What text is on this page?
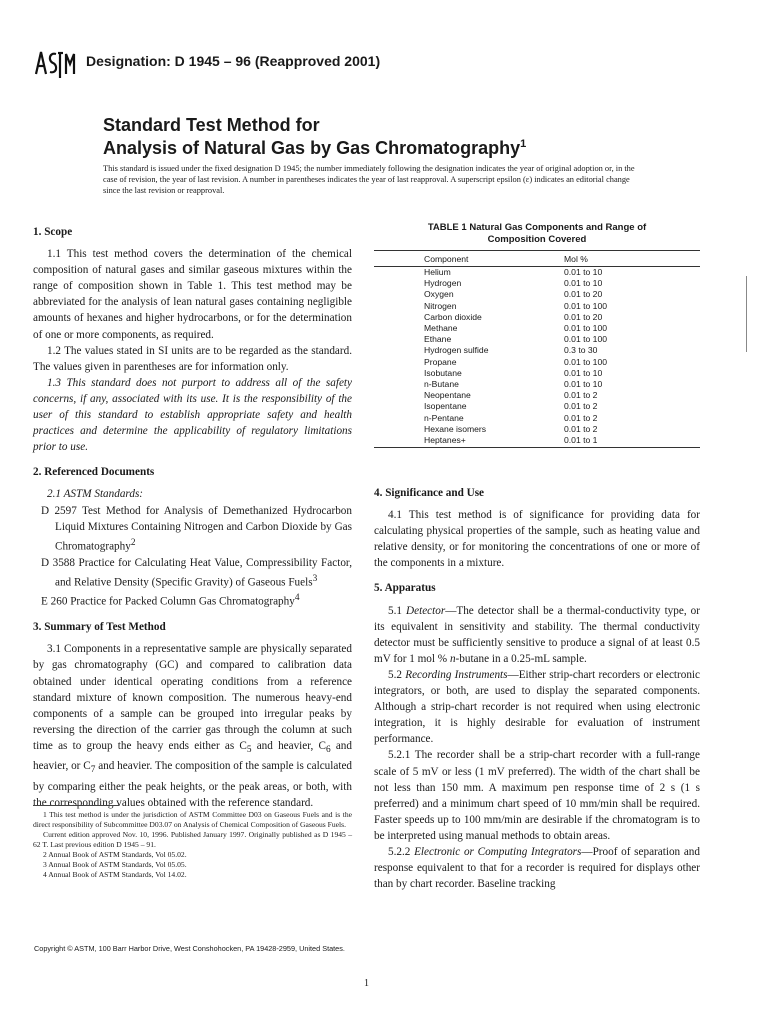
Designation: D 1945 – 96 (Reapproved 2001)
Standard Test Method for
Analysis of Natural Gas by Gas Chromatography$^1$
This standard is issued under the fixed designation D 1945; the number immediately following the designation indicates the year of original adoption or, in the case of revision, the year of last revision. A number in parentheses indicates the year of last reapproval. A superscript epsilon (ε) indicates an editorial change since the last revision or reapproval.
1. Scope

1.1 This test method covers the determination of the chemical composition of natural gases and similar gaseous mixtures within the range of composition shown in Table 1. This test method may be abbreviated for the analysis of lean natural gases containing negligible amounts of hexanes and higher hydrocarbons, or for the determination of one or more components, as required.

1.2 The values stated in SI units are to be regarded as the standard. The values given in parentheses are for information only.

1.3 This standard does not purport to address all of the safety concerns, if any, associated with its use. It is the responsibility of the user of this standard to establish appropriate safety and health practices and determine the applicability of regulatory limitations prior to use.

2. Referenced Documents

2.1 ASTM Standards:

D 2597 Test Method for Analysis of Demethanized Hydrocarbon Liquid Mixtures Containing Nitrogen and Carbon Dioxide by Gas Chromatography$^2$

D 3588 Practice for Calculating Heat Value, Compressibility Factor, and Relative Density (Specific Gravity) of Gaseous Fuels$^3$

E 260 Practice for Packed Column Gas Chromatography$^4$

3. Summary of Test Method

3.1 Components in a representative sample are physically separated by gas chromatography (GC) and compared to calibration data obtained under identical operating conditions from a reference standard mixture of known composition. The numerous heavy-end components of a sample can be grouped into irregular peaks by reversing the direction of the carrier gas through the column at such time as to group the heavy ends either as $C_5$ and heavier, $C_6$ and heavier, or $C_7$ and heavier. The composition of the sample is calculated by comparing either the peak heights, or the peak areas, or both, with the corresponding values obtained with the reference standard.

1 This test method is under the jurisdiction of ASTM Committee D03 on Gaseous Fuels and is the direct responsibility of Subcommittee D03.07 on Analysis of Chemical Composition of Gaseous Fuels.

Current edition approved Nov. 10, 1996. Published January 1997. Originally published as D 1945 – 62 T. Last previous edition D 1945 – 91.

2 Annual Book of ASTM Standards, Vol 05.02.

3 Annual Book of ASTM Standards, Vol 05.05.

4 Annual Book of ASTM Standards, Vol 14.02.

TABLE 1 Natural Gas Components and Range of
Composition Covered
Component	Mol %
Helium	0.01 to 10
Hydrogen	0.01 to 10
Oxygen	0.01 to 20
Nitrogen	0.01 to 100
Carbon dioxide	0.01 to 20
Methane	0.01 to 100
Ethane	0.01 to 100
Hydrogen sulfide	0.3 to 30
Propane	0.01 to 100
Isobutane	0.01 to 10
n-Butane	0.01 to 10
Neopentane	0.01 to 2
Isopentane	0.01 to 2
n-Pentane	0.01 to 2
Hexane isomers	0.01 to 2
Heptanes+	0.01 to 1
4. Significance and Use

4.1 This test method is of significance for providing data for calculating physical properties of the sample, such as heating value and relative density, or for monitoring the concentrations of one or more of the components in a mixture.

5. Apparatus

5.1 Detector—The detector shall be a thermal-conductivity type, or its equivalent in sensitivity and stability. The thermal conductivity detector must be sufficiently sensitive to produce a signal of at least 0.5 mV for 1 mol % n-butane in a 0.25-mL sample.

5.2 Recording Instruments—Either strip-chart recorders or electronic integrators, or both, are used to display the separated components. Although a strip-chart recorder is not required when using electronic integration, it is highly desirable for evaluation of instrument performance.

5.2.1 The recorder shall be a strip-chart recorder with a full-range scale of 5 mV or less (1 mV preferred). The width of the chart shall be not less than 150 mm. A maximum pen response time of 2 s (1 s preferred) and a minimum chart speed of 10 mm/min shall be required. Faster speeds up to 100 mm/min are desirable if the chromatogram is to be interpreted using manual methods to obtain areas.

5.2.2 Electronic or Computing Integrators—Proof of separation and response equivalent to that for a recorder is required for displays other than by chart recorder. Baseline tracking

Copyright © ASTM, 100 Barr Harbor Drive, West Conshohocken, PA 19428-2959, United States.
1
